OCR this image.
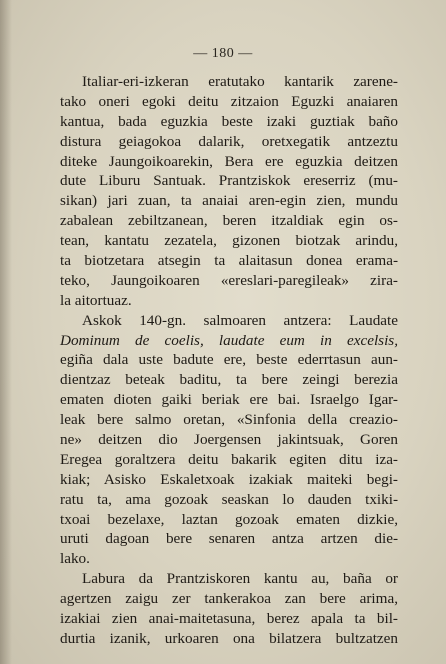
— 180 —
Italiar-eri-izkeran eratutako kantarik zarene-
tako oneri egoki deitu zitzaion Eguzki anaiaren
kantua, bada eguzkia beste izaki guztiak baño
distura geiagokoa dalarik, oretxegatik antzeztu
diteke Jaungoikoarekin, Bera ere eguzkia deitzen
dute Liburu Santuak. Prantziskok ereserriz (mu-
sikan) jari zuan, ta anaiai aren-egin zien, mundu
zabalean zebiltzanean, beren itzaldiak egin os-
tean, kantatu zezatela, gizonen biotzak arindu,
ta biotzetara atsegin ta alaitasun donea erama-
teko, Jaungoikoaren «ereslari-paregileak» zira-
la aitortuaz.
Askok 140-gn. salmoaren antzera: Laudate
Dominum de coelis, laudate eum in excelsis,
egiña dala uste badute ere, beste ederrtasun aun-
dientzaz beteak baditu, ta bere zeingi berezia
ematen dioten gaiki beriak ere bai. Israelgo Igar-
leak bere salmo oretan, «Sinfonia della creazio-
ne» deitzen dio Joergensen jakintsuak, Goren
Eregea goraltzera deitu bakarik egiten ditu izа-
kiak; Asisko Eskaletxoak izakiak maiteki begi-
ratu ta, ama gozoak seaskan lo dauden txiki-
txoai bezelaxe, laztan gozoak ematen dizkie,
uruti dagoan bere senaren antza artzen die-
lako.
Labura da Prantziskoren kantu au, baña or
agertzen zaigu zer tankerakoa zan bere arima,
izakiai zien anai-maitetasuna, berez apala ta bil-
durtia izanik, urkoaren ona bilatzera bultzatzen
